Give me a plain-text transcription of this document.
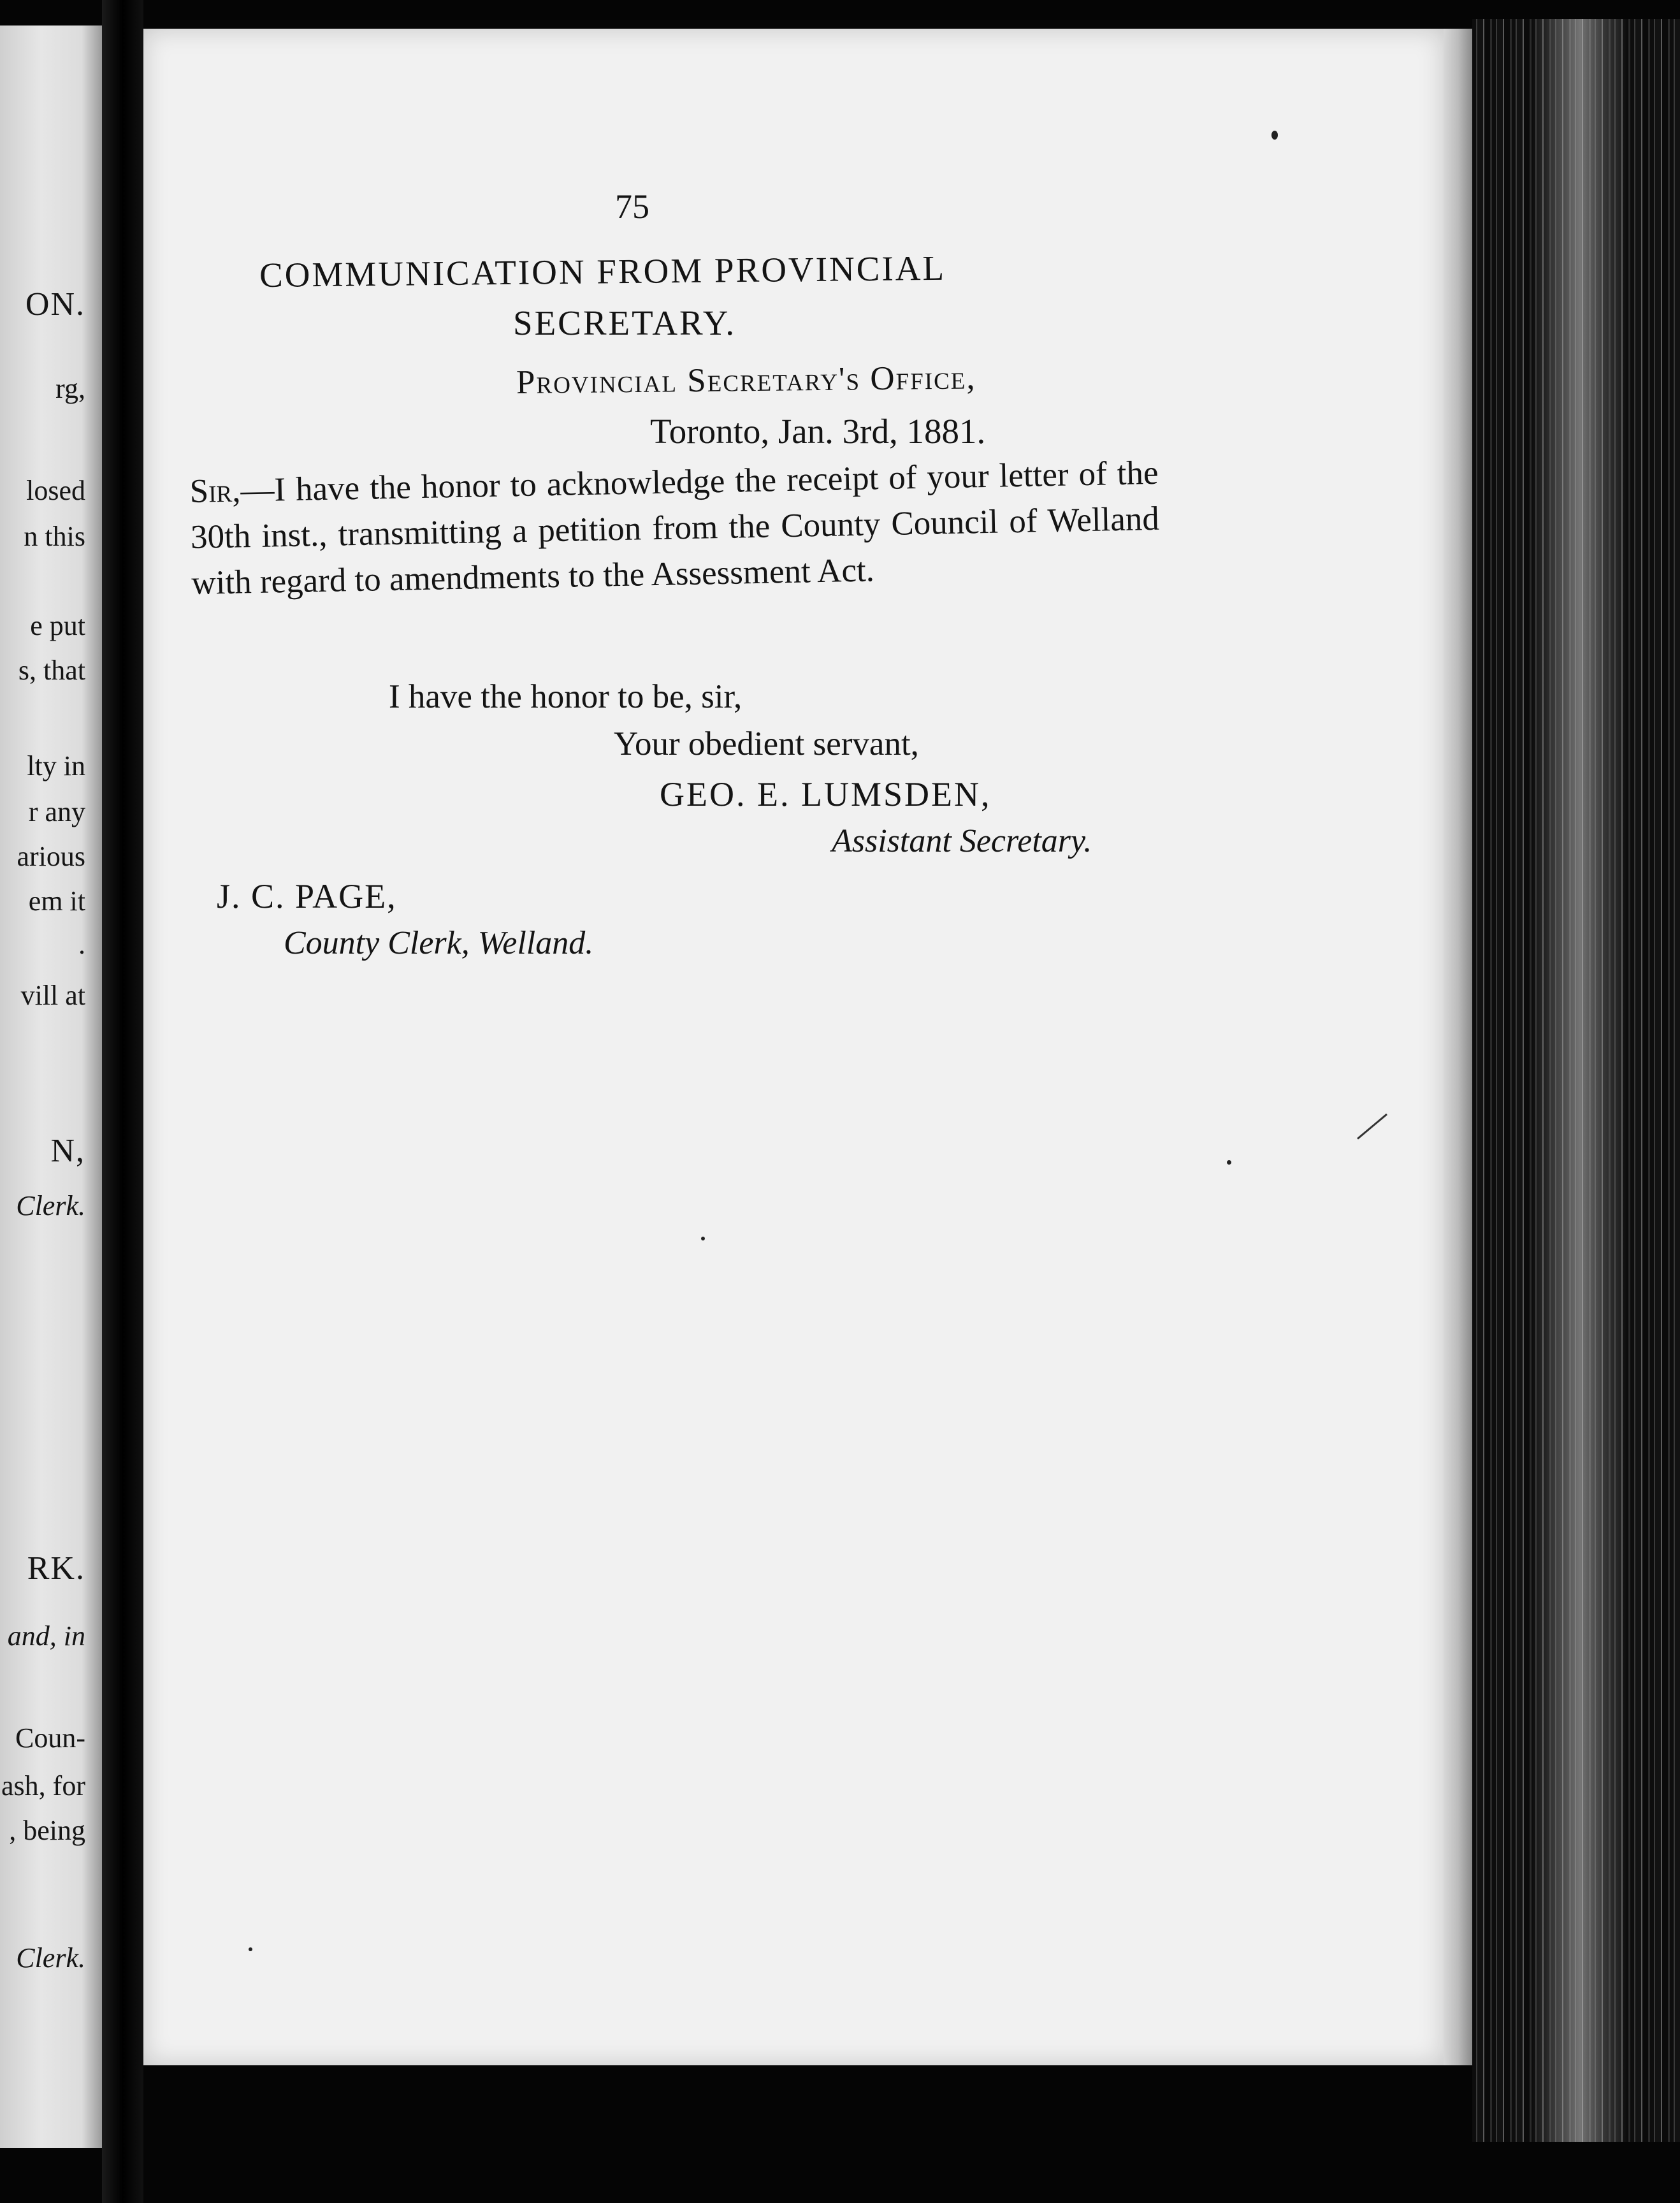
ON.
rg,
losed
n this
e put
s, that
lty in
r any
arious
em it
.
vill at
N,
Clerk.
RK.
and, in
Coun-
ash, for
, being
Clerk.
75
COMMUNICATION FROM PROVINCIAL
SECRETARY.
Provincial Secretary's Office,
Toronto, Jan. 3rd, 1881.

Sir,—I have the honor to acknowledge the receipt of your letter of the 30th inst., transmitting a petition from the County Council of Welland with regard to amendments to the Assessment Act.

I have the honor to be, sir,
Your obedient servant,
GEO. E. LUMSDEN,
Assistant Secretary.
J. C. PAGE,
County Clerk, Welland.
